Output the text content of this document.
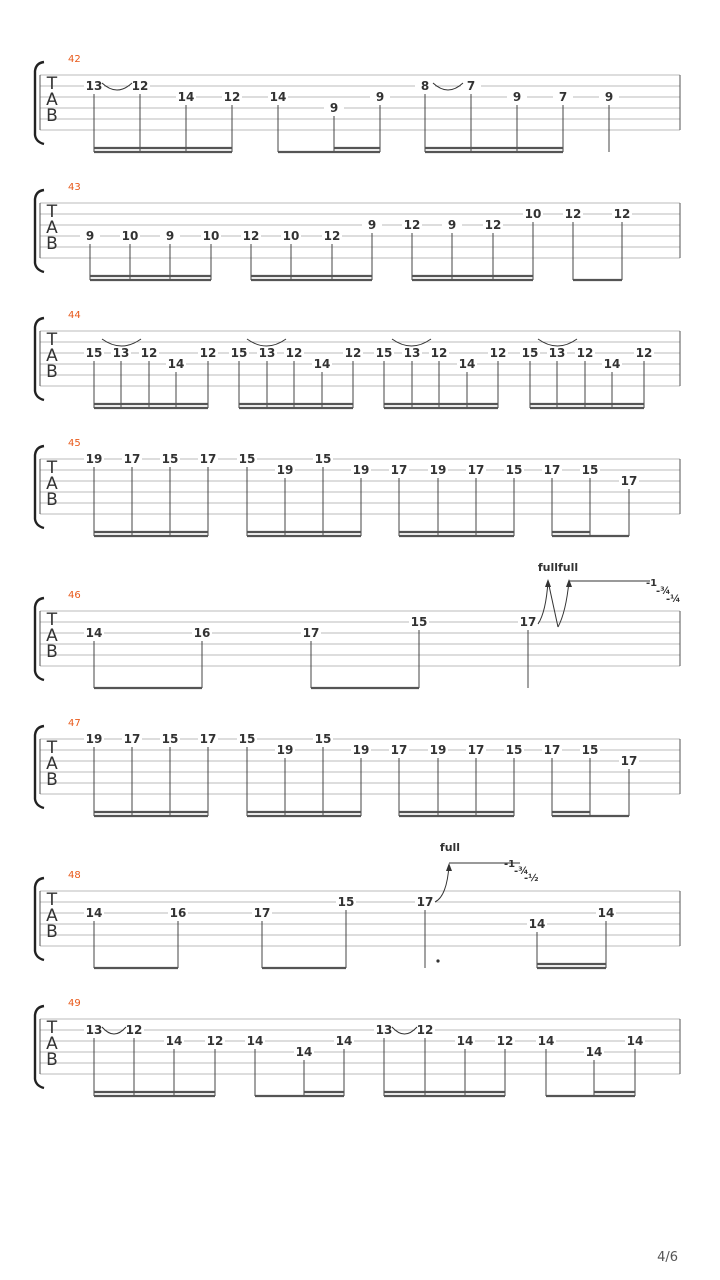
42
T
A
B
13 12
14 12 14
9
9
8	7
9	7	9
43
T
A
B 9 10 9 10 12 10 12
9 12 9 12
10 12	12
44
T
A
B
15 13 12
14
12 15 13 12
14
12 15 13 12
14
12 15 13 12
14
12
45
T
A
B
19 17 15 17 15
19
15
19 17 19 17 15 17 15
17
46
T
A
B
14	16	17
15	17
fullfull
-1
-¾
-¼
47
T
A
B
19 17 15 17 15
19
15
19 17 19 17 15 17 15
17
48
T
A
B
14	16	17
15	17
14
14
full
-1
-¾
-½
49
T
A
B
13 12
14 12 14
14
14
13 12
14 12 14
14
14
4/6
